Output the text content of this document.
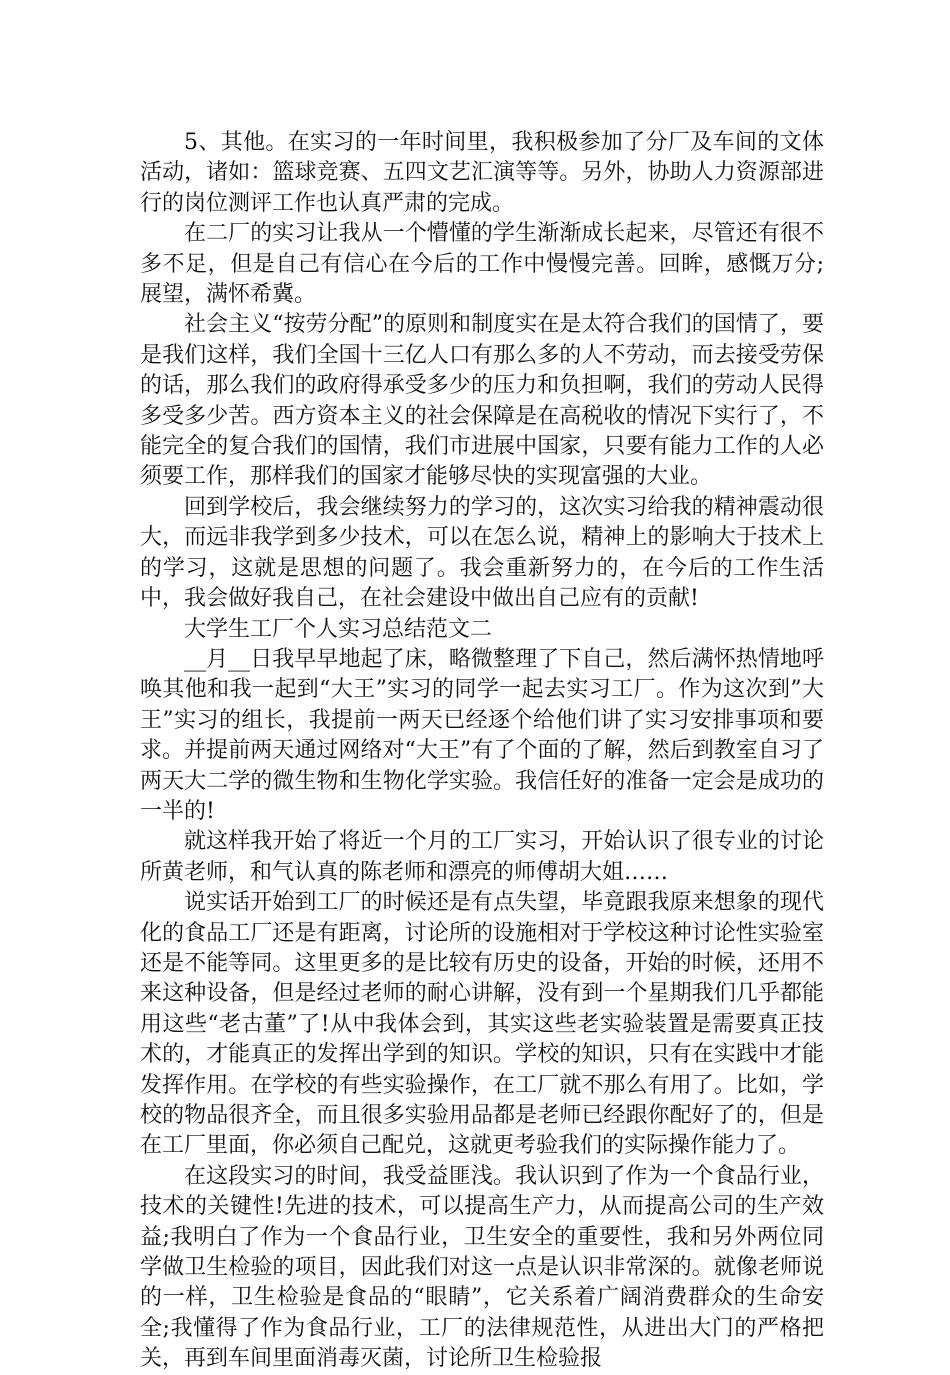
5、其他。在实习的一年时间里，我积极参加了分厂及车间的文体活动，诸如：篮球竞赛、五四文艺汇演等等。另外，协助人力资源部进行的岗位测评工作也认真严肃的完成。

在二厂的实习让我从一个懵懂的学生渐渐成长起来，尽管还有很不多不足，但是自己有信心在今后的工作中慢慢完善。回眸，感慨万分;展望，满怀希冀。

社会主义“按劳分配”的原则和制度实在是太符合我们的国情了，要是我们这样，我们全国十三亿人口有那么多的人不劳动，而去接受劳保的话，那么我们的政府得承受多少的压力和负担啊，我们的劳动人民得多受多少苦。西方资本主义的社会保障是在高税收的情况下实行了，不能完全的复合我们的国情，我们市进展中国家，只要有能力工作的人必须要工作，那样我们的国家才能够尽快的实现富强的大业。

回到学校后，我会继续努力的学习的，这次实习给我的精神震动很大，而远非我学到多少技术，可以在怎么说，精神上的影响大于技术上的学习，这就是思想的问题了。我会重新努力的，在今后的工作生活中，我会做好我自己，在社会建设中做出自己应有的贡献!

大学生工厂个人实习总结范文二

__月__日我早早地起了床，略微整理了下自己，然后满怀热情地呼唤其他和我一起到“大王”实习的同学一起去实习工厂。作为这次到”大王”实习的组长，我提前一两天已经逐个给他们讲了实习安排事项和要求。并提前两天通过网络对“大王”有了个面的了解，然后到教室自习了两天大二学的微生物和生物化学实验。我信任好的准备一定会是成功的一半的!

就这样我开始了将近一个月的工厂实习，开始认识了很专业的讨论所黄老师，和气认真的陈老师和漂亮的师傅胡大姐……

说实话开始到工厂的时候还是有点失望，毕竟跟我原来想象的现代化的食品工厂还是有距离，讨论所的设施相对于学校这种讨论性实验室还是不能等同。这里更多的是比较有历史的设备，开始的时候，还用不来这种设备，但是经过老师的耐心讲解，没有到一个星期我们几乎都能用这些“老古董”了!从中我体会到，其实这些老实验装置是需要真正技术的，才能真正的发挥出学到的知识。学校的知识，只有在实践中才能发挥作用。在学校的有些实验操作，在工厂就不那么有用了。比如，学校的物品很齐全，而且很多实验用品都是老师已经跟你配好了的，但是在工厂里面，你必须自己配兑，这就更考验我们的实际操作能力了。

在这段实习的时间，我受益匪浅。我认识到了作为一个食品行业，技术的关键性!先进的技术，可以提高生产力，从而提高公司的生产效益;我明白了作为一个食品行业，卫生安全的重要性，我和另外两位同学做卫生检验的项目，因此我们对这一点是认识非常深的。就像老师说的一样，卫生检验是食品的“眼睛”，它关系着广阔消费群众的生命安全;我懂得了作为食品行业，工厂的法律规范性，从进出大门的严格把关，再到车间里面消毒灭菌，讨论所卫生检验报
